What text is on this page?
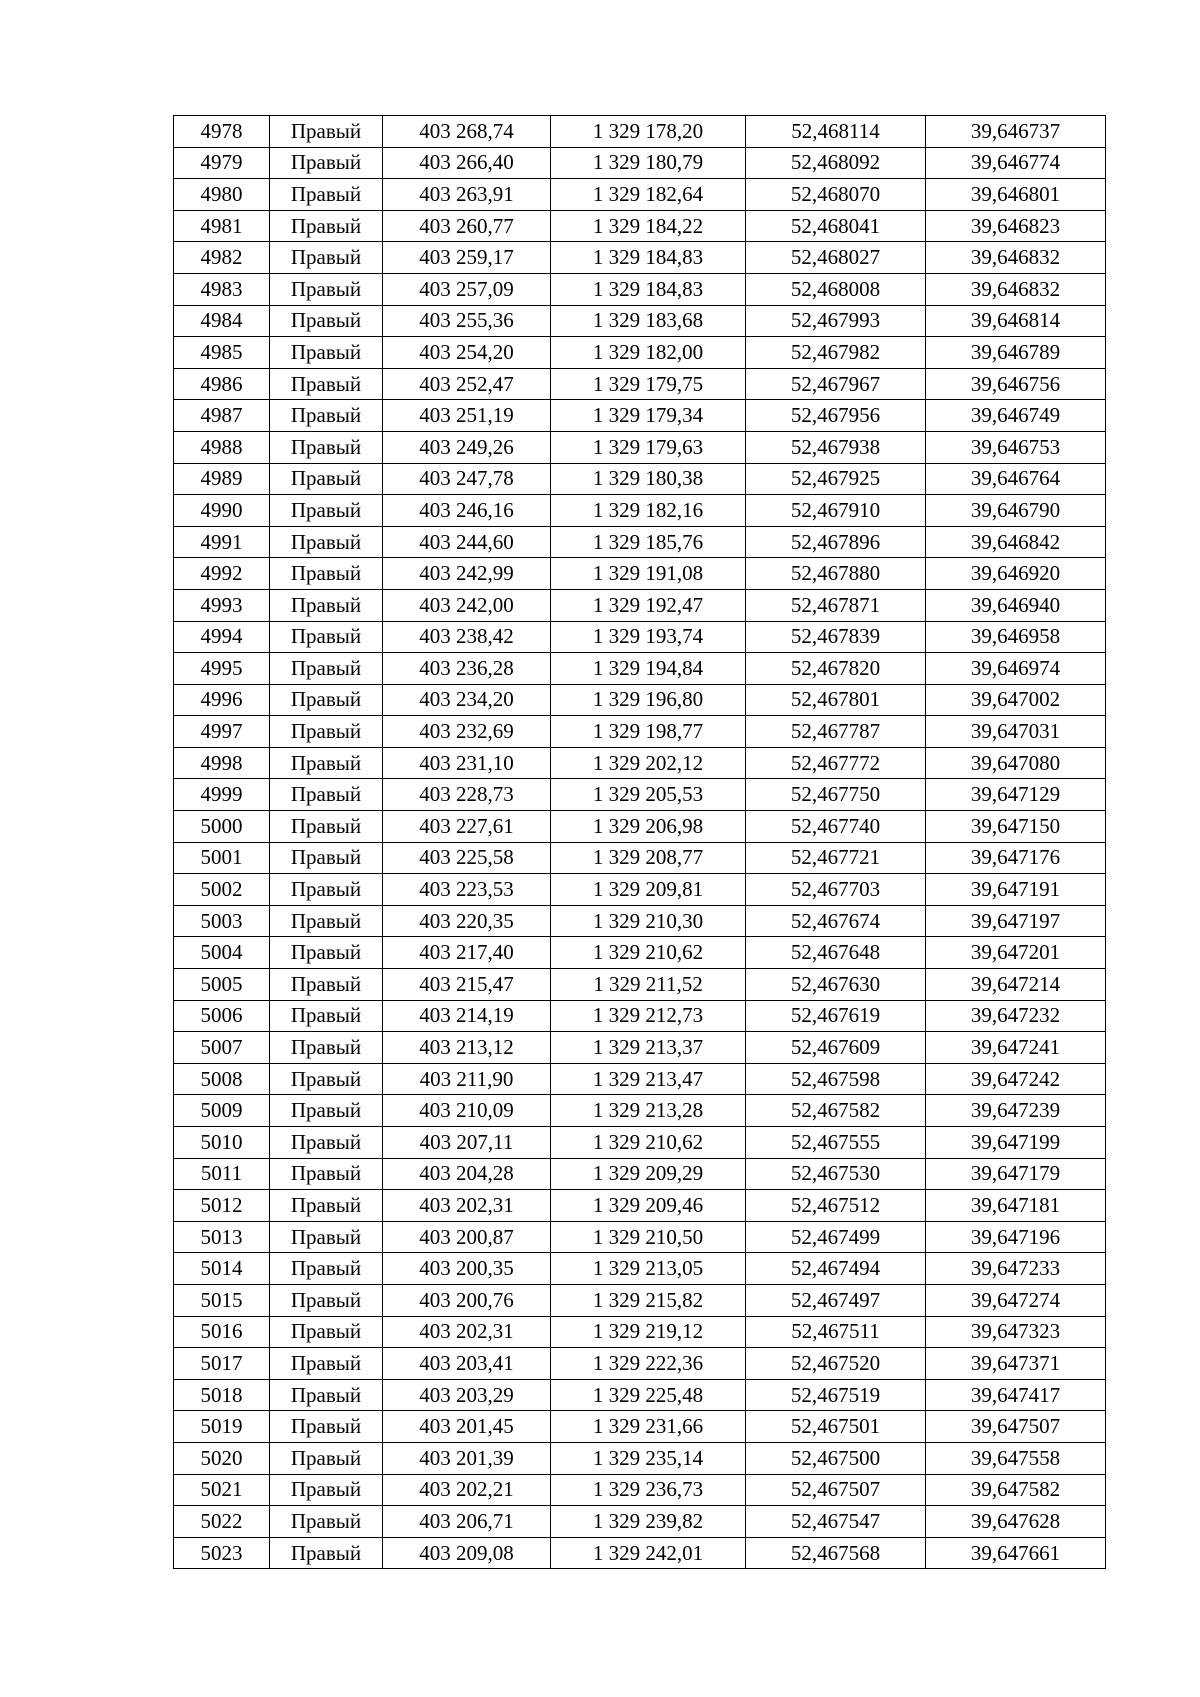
4978	Правый	403 268,74	1 329 178,20	52,468114	39,646737
4979	Правый	403 266,40	1 329 180,79	52,468092	39,646774
4980	Правый	403 263,91	1 329 182,64	52,468070	39,646801
4981	Правый	403 260,77	1 329 184,22	52,468041	39,646823
4982	Правый	403 259,17	1 329 184,83	52,468027	39,646832
4983	Правый	403 257,09	1 329 184,83	52,468008	39,646832
4984	Правый	403 255,36	1 329 183,68	52,467993	39,646814
4985	Правый	403 254,20	1 329 182,00	52,467982	39,646789
4986	Правый	403 252,47	1 329 179,75	52,467967	39,646756
4987	Правый	403 251,19	1 329 179,34	52,467956	39,646749
4988	Правый	403 249,26	1 329 179,63	52,467938	39,646753
4989	Правый	403 247,78	1 329 180,38	52,467925	39,646764
4990	Правый	403 246,16	1 329 182,16	52,467910	39,646790
4991	Правый	403 244,60	1 329 185,76	52,467896	39,646842
4992	Правый	403 242,99	1 329 191,08	52,467880	39,646920
4993	Правый	403 242,00	1 329 192,47	52,467871	39,646940
4994	Правый	403 238,42	1 329 193,74	52,467839	39,646958
4995	Правый	403 236,28	1 329 194,84	52,467820	39,646974
4996	Правый	403 234,20	1 329 196,80	52,467801	39,647002
4997	Правый	403 232,69	1 329 198,77	52,467787	39,647031
4998	Правый	403 231,10	1 329 202,12	52,467772	39,647080
4999	Правый	403 228,73	1 329 205,53	52,467750	39,647129
5000	Правый	403 227,61	1 329 206,98	52,467740	39,647150
5001	Правый	403 225,58	1 329 208,77	52,467721	39,647176
5002	Правый	403 223,53	1 329 209,81	52,467703	39,647191
5003	Правый	403 220,35	1 329 210,30	52,467674	39,647197
5004	Правый	403 217,40	1 329 210,62	52,467648	39,647201
5005	Правый	403 215,47	1 329 211,52	52,467630	39,647214
5006	Правый	403 214,19	1 329 212,73	52,467619	39,647232
5007	Правый	403 213,12	1 329 213,37	52,467609	39,647241
5008	Правый	403 211,90	1 329 213,47	52,467598	39,647242
5009	Правый	403 210,09	1 329 213,28	52,467582	39,647239
5010	Правый	403 207,11	1 329 210,62	52,467555	39,647199
5011	Правый	403 204,28	1 329 209,29	52,467530	39,647179
5012	Правый	403 202,31	1 329 209,46	52,467512	39,647181
5013	Правый	403 200,87	1 329 210,50	52,467499	39,647196
5014	Правый	403 200,35	1 329 213,05	52,467494	39,647233
5015	Правый	403 200,76	1 329 215,82	52,467497	39,647274
5016	Правый	403 202,31	1 329 219,12	52,467511	39,647323
5017	Правый	403 203,41	1 329 222,36	52,467520	39,647371
5018	Правый	403 203,29	1 329 225,48	52,467519	39,647417
5019	Правый	403 201,45	1 329 231,66	52,467501	39,647507
5020	Правый	403 201,39	1 329 235,14	52,467500	39,647558
5021	Правый	403 202,21	1 329 236,73	52,467507	39,647582
5022	Правый	403 206,71	1 329 239,82	52,467547	39,647628
5023	Правый	403 209,08	1 329 242,01	52,467568	39,647661
